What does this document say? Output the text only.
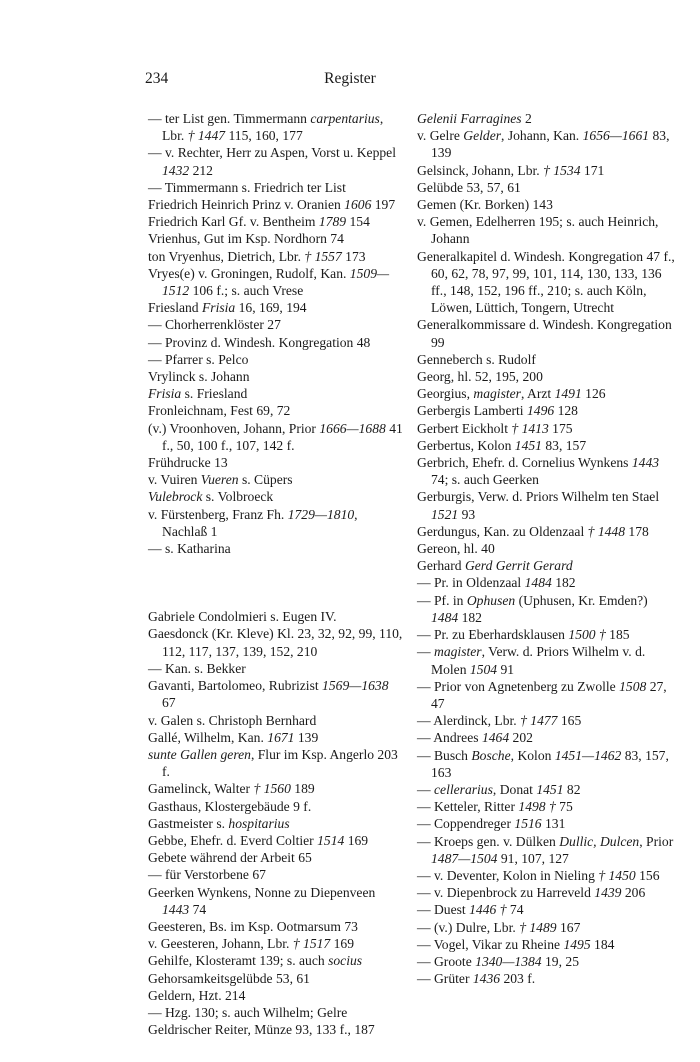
234	Register
— ter List gen. Timmermann carpentarius, Lbr. † 1447 115, 160, 177
— v. Rechter, Herr zu Aspen, Vorst u. Keppel 1432 212
— Timmermann s. Friedrich ter List
Friedrich Heinrich Prinz v. Oranien 1606 197
Friedrich Karl Gf. v. Bentheim 1789 154
Vrienhus, Gut im Ksp. Nordhorn 74
ton Vryenhus, Dietrich, Lbr. † 1557 173
Vryes(e) v. Groningen, Rudolf, Kan. 1509—1512 106 f.; s. auch Vrese
Friesland Frisia 16, 169, 194
— Chorherrenklöster 27
— Provinz d. Windesh. Kongregation 48
— Pfarrer s. Pelco
Vrylinck s. Johann
Frisia s. Friesland
Fronleichnam, Fest 69, 72
(v.) Vroonhoven, Johann, Prior 1666—1688 41 f., 50, 100 f., 107, 142 f.
Frühdrucke 13
v. Vuiren Vueren s. Cüpers
Vulebrock s. Volbroeck
v. Fürstenberg, Franz Fh. 1729—1810, Nachlaß 1
— s. Katharina
Gabriele Condolmieri s. Eugen IV.
Gaesdonck (Kr. Kleve) Kl. 23, 32, 92, 99, 110, 112, 117, 137, 139, 152, 210
— Kan. s. Bekker
Gavanti, Bartolomeo, Rubrizist 1569—1638 67
v. Galen s. Christoph Bernhard
Gallé, Wilhelm, Kan. 1671 139
sunte Gallen geren, Flur im Ksp. Angerlo 203 f.
Gamelinck, Walter † 1560 189
Gasthaus, Klostergebäude 9 f.
Gastmeister s. hospitarius
Gebbe, Ehefr. d. Everd Coltier 1514 169
Gebete während der Arbeit 65
— für Verstorbene 67
Geerken Wynkens, Nonne zu Diepenveen 1443 74
Geesteren, Bs. im Ksp. Ootmarsum 73
v. Geesteren, Johann, Lbr. † 1517 169
Gehilfe, Klosteramt 139; s. auch socius
Gehorsamkeitsgelübde 53, 61
Geldern, Hzt. 214
— Hzg. 130; s. auch Wilhelm; Gelre
Geldrischer Reiter, Münze 93, 133 f., 187
Gelenii Farragines 2
v. Gelre Gelder, Johann, Kan. 1656—1661 83, 139
Gelsinck, Johann, Lbr. † 1534 171
Gelübde 53, 57, 61
Gemen (Kr. Borken) 143
v. Gemen, Edelherren 195; s. auch Heinrich, Johann
Generalkapitel d. Windesh. Kongregation 47 f., 60, 62, 78, 97, 99, 101, 114, 130, 133, 136 ff., 148, 152, 196 ff., 210; s. auch Köln, Löwen, Lüttich, Tongern, Utrecht
Generalkommissare d. Windesh. Kongregation 99
Genneberch s. Rudolf
Georg, hl. 52, 195, 200
Georgius, magister, Arzt 1491 126
Gerbergis Lamberti 1496 128
Gerbert Eickholt † 1413 175
Gerbertus, Kolon 1451 83, 157
Gerbrich, Ehefr. d. Cornelius Wynkens 1443 74; s. auch Geerken
Gerburgis, Verw. d. Priors Wilhelm ten Stael 1521 93
Gerdungus, Kan. zu Oldenzaal † 1448 178
Gereon, hl. 40
Gerhard Gerd Gerrit Gerard
— Pr. in Oldenzaal 1484 182
— Pf. in Ophusen (Uphusen, Kr. Emden?) 1484 182
— Pr. zu Eberhardsklausen 1500 † 185
— magister, Verw. d. Priors Wilhelm v. d. Molen 1504 91
— Prior von Agnetenberg zu Zwolle 1508 27, 47
— Alerdinck, Lbr. † 1477 165
— Andrees 1464 202
— Busch Bosche, Kolon 1451—1462 83, 157, 163
— cellerarius, Donat 1451 82
— Ketteler, Ritter 1498 † 75
— Coppendreger 1516 131
— Kroeps gen. v. Dülken Dullic, Dulcen, Prior 1487—1504 91, 107, 127
— v. Deventer, Kolon in Nieling † 1450 156
— v. Diepenbrock zu Harreveld 1439 206
— Duest 1446 † 74
— (v.) Dulre, Lbr. † 1489 167
— Vogel, Vikar zu Rheine 1495 184
— Groote 1340—1384 19, 25
— Grüter 1436 203 f.
